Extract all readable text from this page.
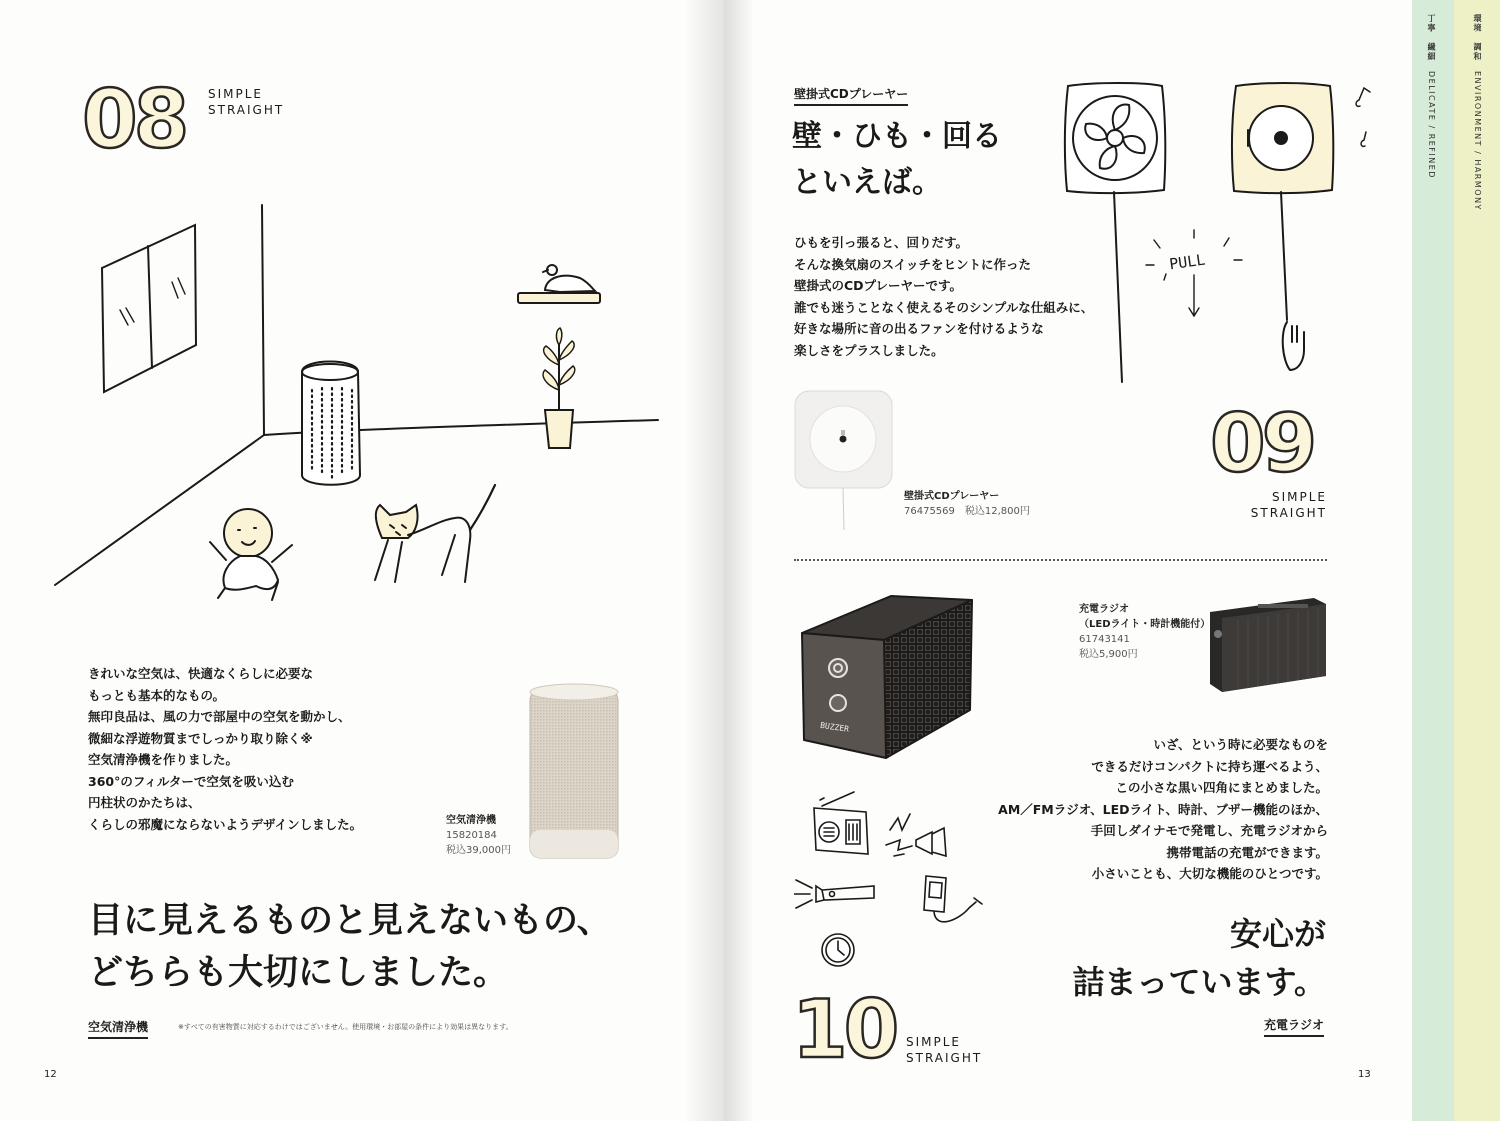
08 SIMPLE
STRAIGHT
きれいな空気は、快適なくらしに必要な
もっとも基本的なもの。
無印良品は、風の力で部屋中の空気を動かし、
微細な浮遊物質までしっかり取り除く※
空気清浄機を作りました。
360°のフィルターで空気を吸い込む
円柱状のかたちは、
くらしの邪魔にならないようデザインしました。	空気清浄機
15820184
税込39,000円
目に見えるものと見えないもの、
どちらも大切にしました。
空気清浄機	※すべての有害物質に対応するわけではございません。使用環境・お部屋の条件により効果は異なります。
12
壁掛式CDプレーヤー
壁・ひも・回る
といえば。
ひもを引っ張ると、回りだす。
そんな換気扇のスイッチをヒントに作った
壁掛式のCDプレーヤーです。
誰でも迷うことなく使えるそのシンプルな仕組みに、
好きな場所に音の出るファンを付けるような
楽しさをプラスしました。
PULL
壁掛式CDプレーヤー
76475569　 税込12,800円
09
SIMPLE
STRAIGHT
BUZZER
充電ラジオ
（LEDライト・時計機能付）
61743141
税込5,900円
いざ、という時に必要なものを
できるだけコンパクトに持ち運べるよう、
この小さな黒い四角にまとめました。
AM／FMラジオ、LEDライト、時計、ブザー機能のほか、
手回しダイナモで発電し、充電ラジオから
携帯電話の充電ができます。
小さいことも、大切な機能のひとつです。
安心が
詰まっています。
充電ラジオ
10 SIMPLE
STRAIGHT
13
丁寧　繊細　DELICATE / REFINED
環境　調和　ENVIRONMENT / HARMONY
